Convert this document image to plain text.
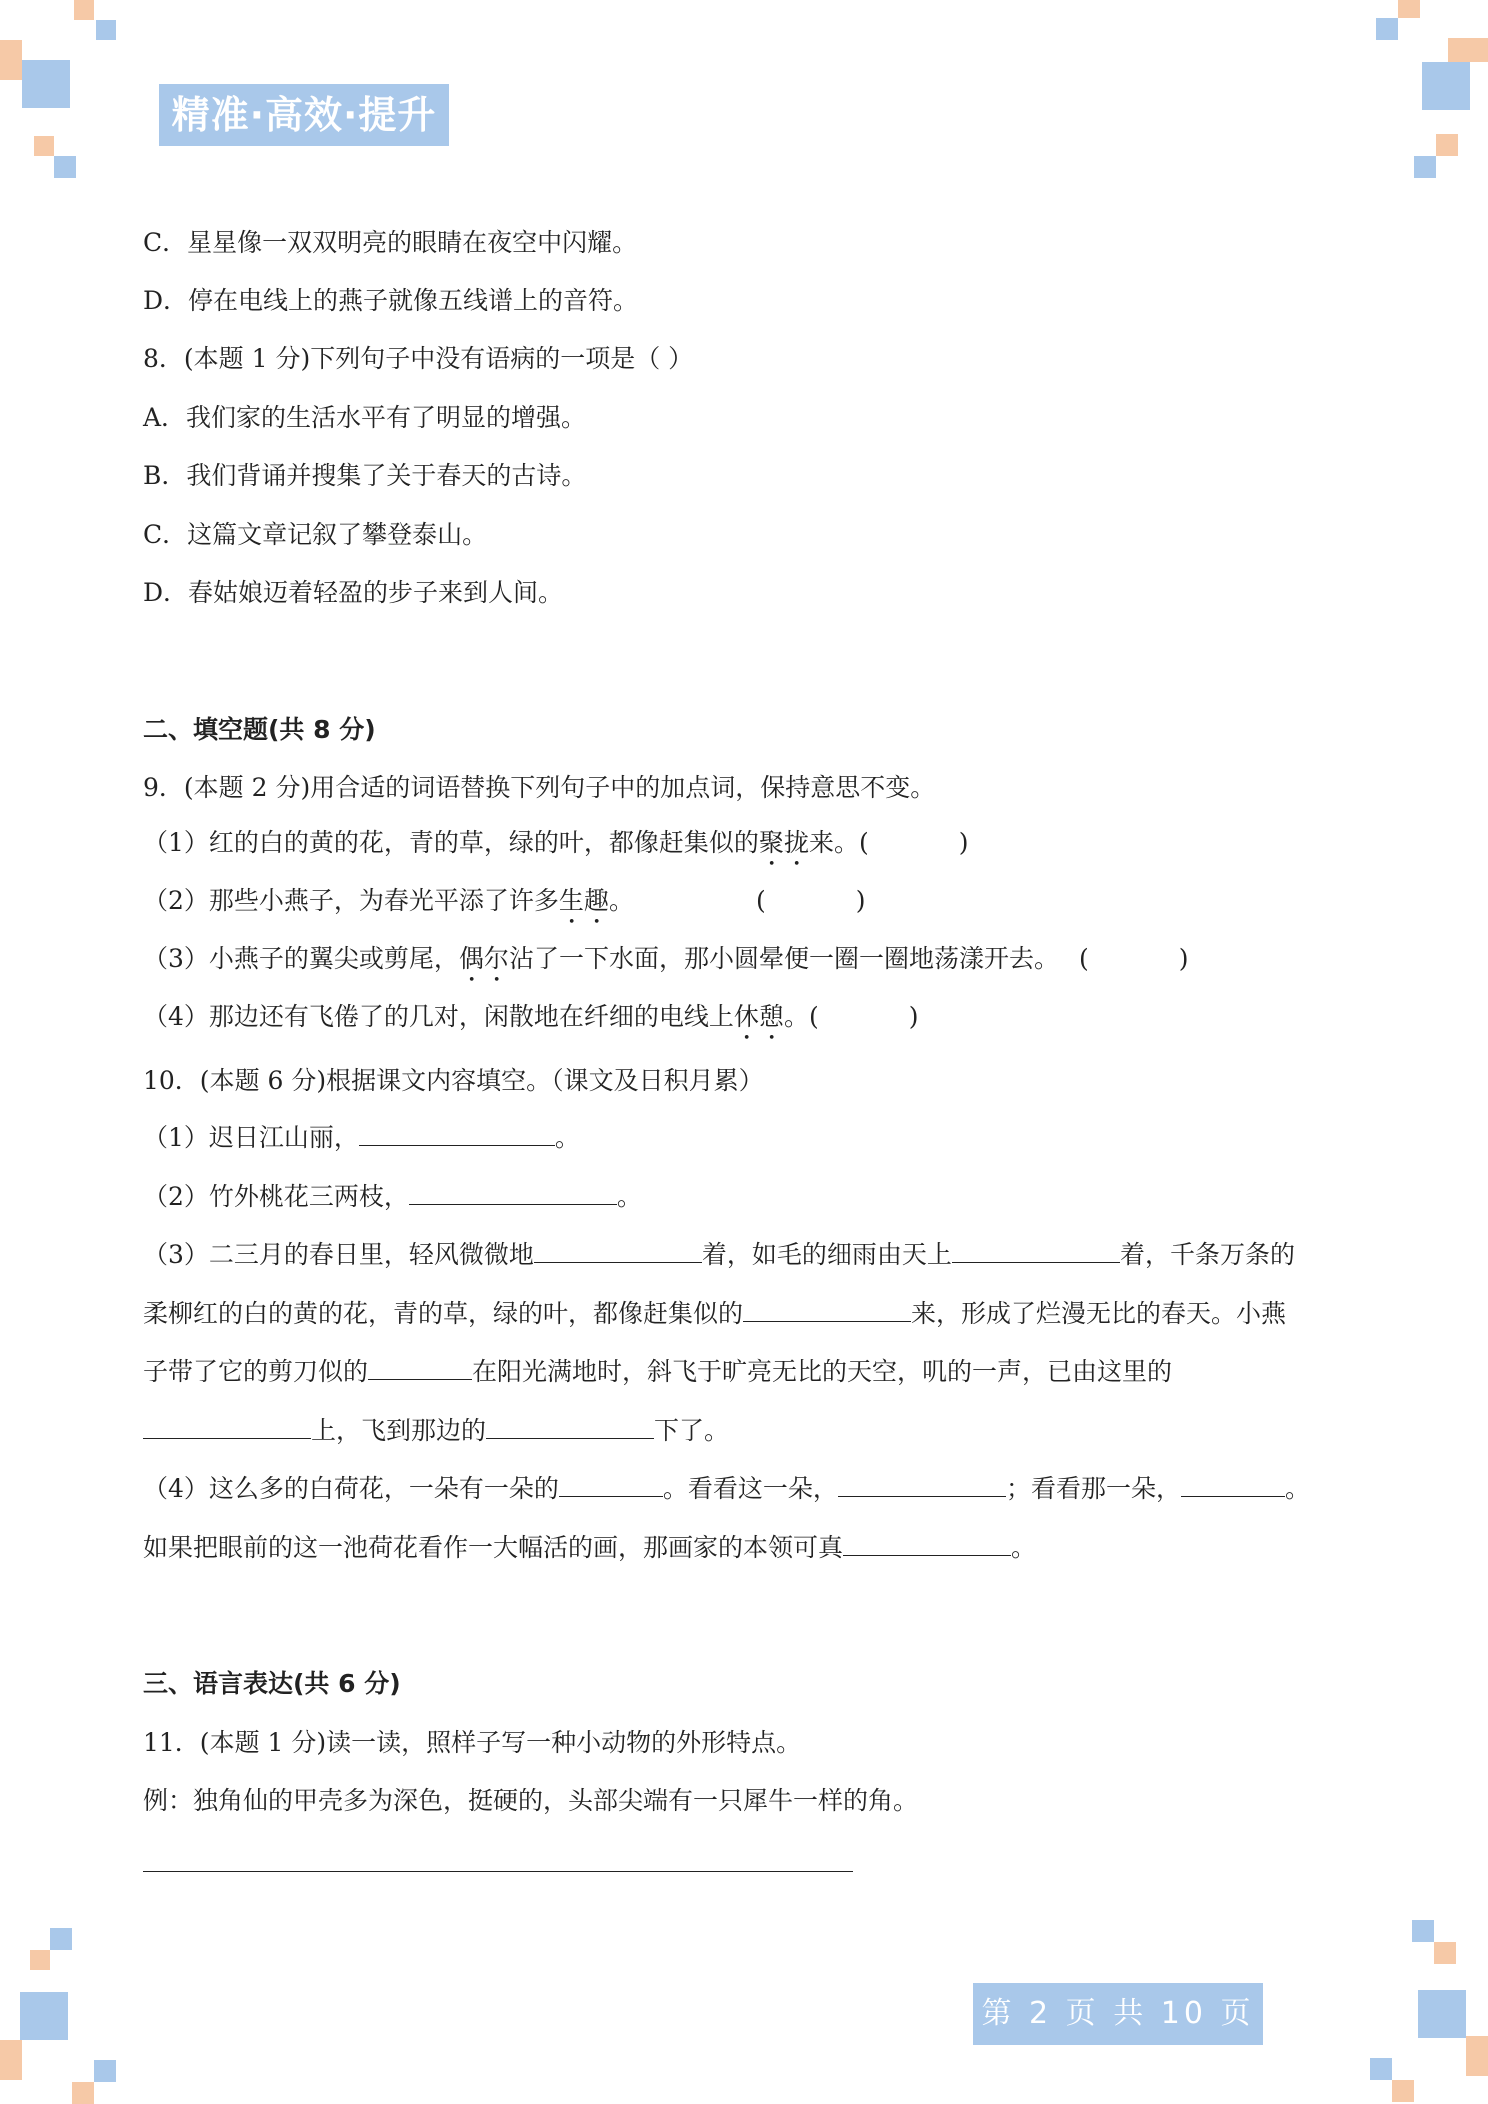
精准·高效·提升
C．星星像一双双明亮的眼睛在夜空中闪耀。
D．停在电线上的燕子就像五线谱上的音符。
8．(本题 1 分)下列句子中没有语病的一项是（ ）
A．我们家的生活水平有了明显的增强。
B．我们背诵并搜集了关于春天的古诗。
C．这篇文章记叙了攀登泰山。
D．春姑娘迈着轻盈的步子来到人间。
二、填空题(共 8 分)
9．(本题 2 分)用合适的词语替换下列句子中的加点词，保持意思不变。
（1）红的白的黄的花，青的草，绿的叶，都像赶集似的聚拢来。(	)
（2）那些小燕子，为春光平添了许多生趣。	(	)
（3）小燕子的翼尖或剪尾，偶尔沾了一下水面，那小圆晕便一圈一圈地荡漾开去。 (	)
（4）那边还有飞倦了的几对，闲散地在纤细的电线上休憩。(	)
10．(本题 6 分)根据课文内容填空。（课文及日积月累）
（1）迟日江山丽，	。
（2）竹外桃花三两枝，	。
（3）二三月的春日里，轻风微微地	着，如毛的细雨由天上	着，千条万条的
柔柳红的白的黄的花，青的草，绿的叶，都像赶集似的	来，形成了烂漫无比的春天。小燕
子带了它的剪刀似的	在阳光满地时，斜飞于旷亮无比的天空，叽的一声，已由这里的
上，飞到那边的	下了。
（4）这么多的白荷花，一朵有一朵的	。看看这一朵，	；看看那一朵，	。
如果把眼前的这一池荷花看作一大幅活的画，那画家的本领可真	。
三、语言表达(共 6 分)
11．(本题 1 分)读一读，照样子写一种小动物的外形特点。
例：独角仙的甲壳多为深色，挺硬的，头部尖端有一只犀牛一样的角。
第 2 页 共 10 页
